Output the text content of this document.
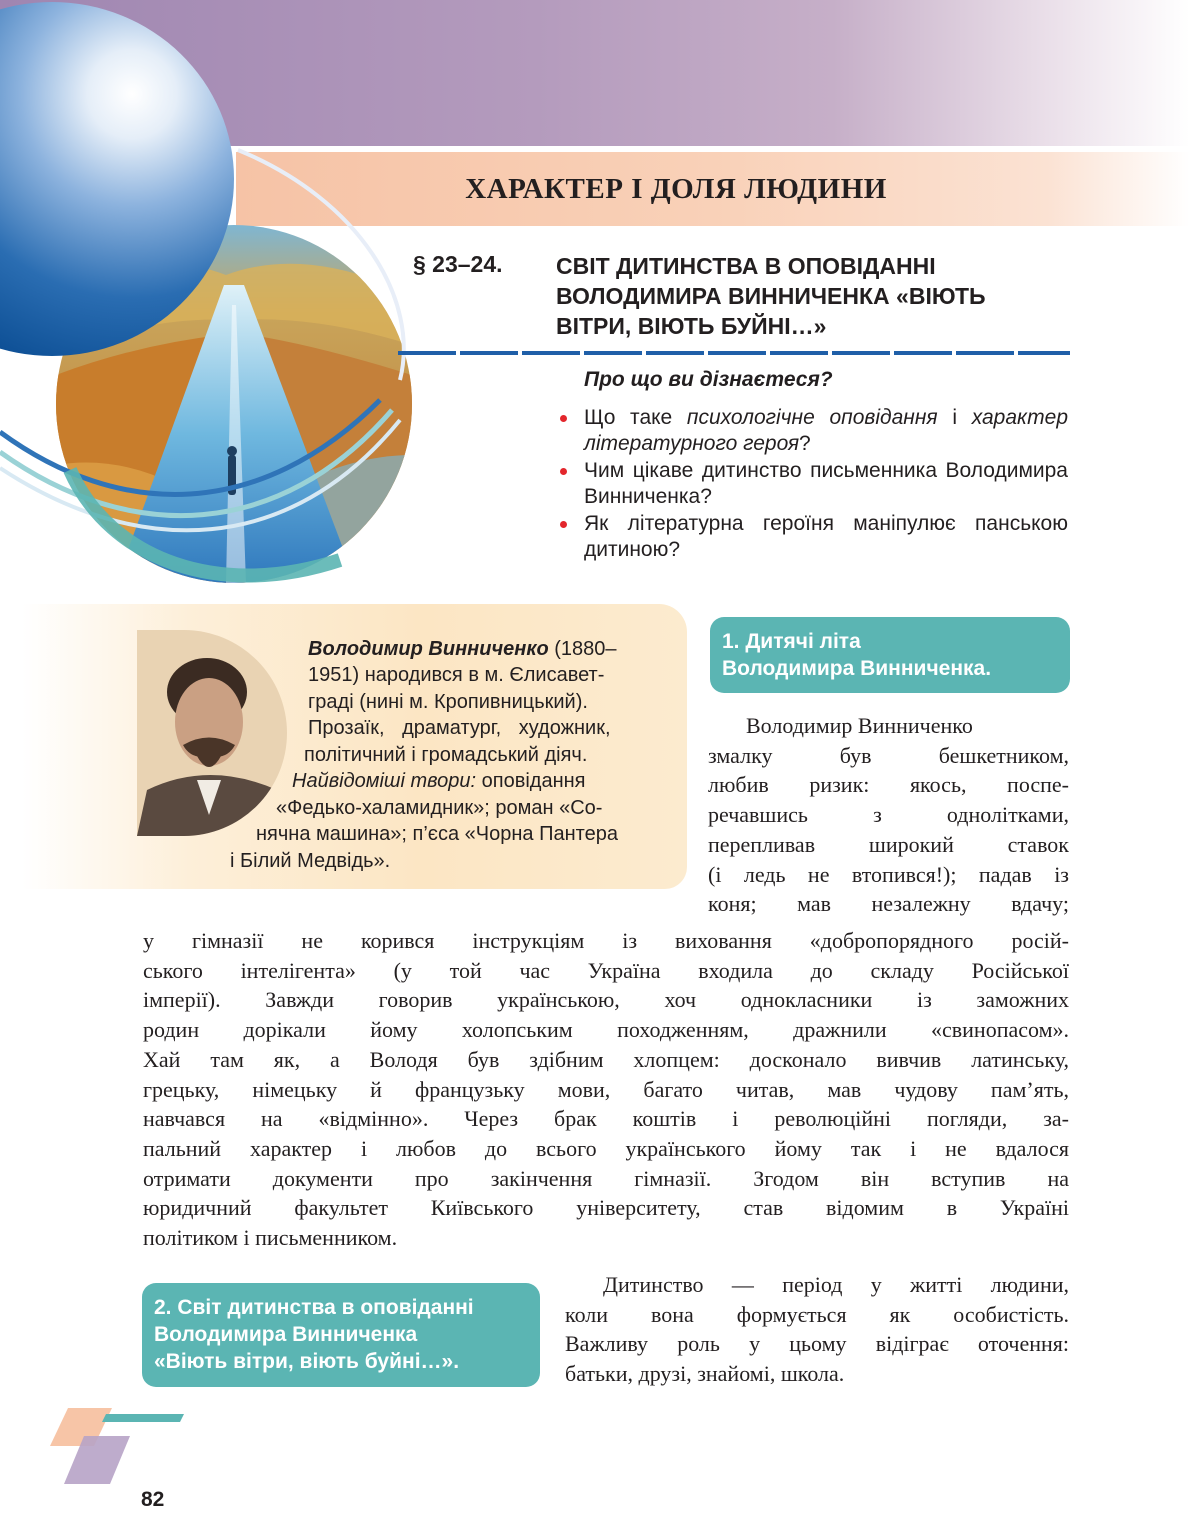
ХАРАКТЕР І ДОЛЯ ЛЮДИНИ
§ 23–24. СВІТ ДИТИНСТВА В ОПОВІДАННІ
ВОЛОДИМИРА ВИННИЧЕНКА «ВІЮТЬ
ВІТРИ, ВІЮТЬ БУЙНІ…»
Про що ви дізнаєтеся?
Що таке психологічне оповідання і характер літературного героя?
Чим цікаве дитинство письменника Володимира Винниченка?
Як літературна героїня маніпулює панською дитиною?
Володимир Винниченко (1880–
1951) народився в м. Єлисавет-
граді (нині м. Кропивницький).
Прозаїк, драматург, художник,
політичний і громадський діяч.
Найвідоміші твори: оповідання
«Федько-халамидник»; роман «Со-
нячна машина»; п’єса «Чорна Пантера
і Білий Медвідь».
1. Дитячі літа
Володимира Винниченка.
Володимир Винниченко
змалку був бешкетником,
любив ризик: якось, поспе-
речавшись з однолітками,
перепливав широкий ставок
(і ледь не втопився!); падав із
коня; мав незалежну вдачу;
у гімназії не корився інструкціям із виховання «добропорядного росій-
ського інтелігента» (у той час Україна входила до складу Російської
імперії). Завжди говорив українською, хоч однокласники із заможних
родин дорікали йому холопським походженням, дражнили «свинопасом».
Хай там як, а Володя був здібним хлопцем: досконало вивчив латинську,
грецьку, німецьку й французьку мови, багато читав, мав чудову пам’ять,
навчався на «відмінно». Через брак коштів і революційні погляди, за-
пальний характер і любов до всього українського йому так і не вдалося
отримати документи про закінчення гімназії. Згодом він вступив на
юридичний факультет Київського університету, став відомим в Україні
політиком і письменником.
2. Світ дитинства в оповіданні
Володимира Винниченка
«Віють вітри, віють буйні…».
Дитинство — період у житті людини,
коли вона формується як особистість.
Важливу роль у цьому відіграє оточення:
батьки, друзі, знайомі, школа.
82
